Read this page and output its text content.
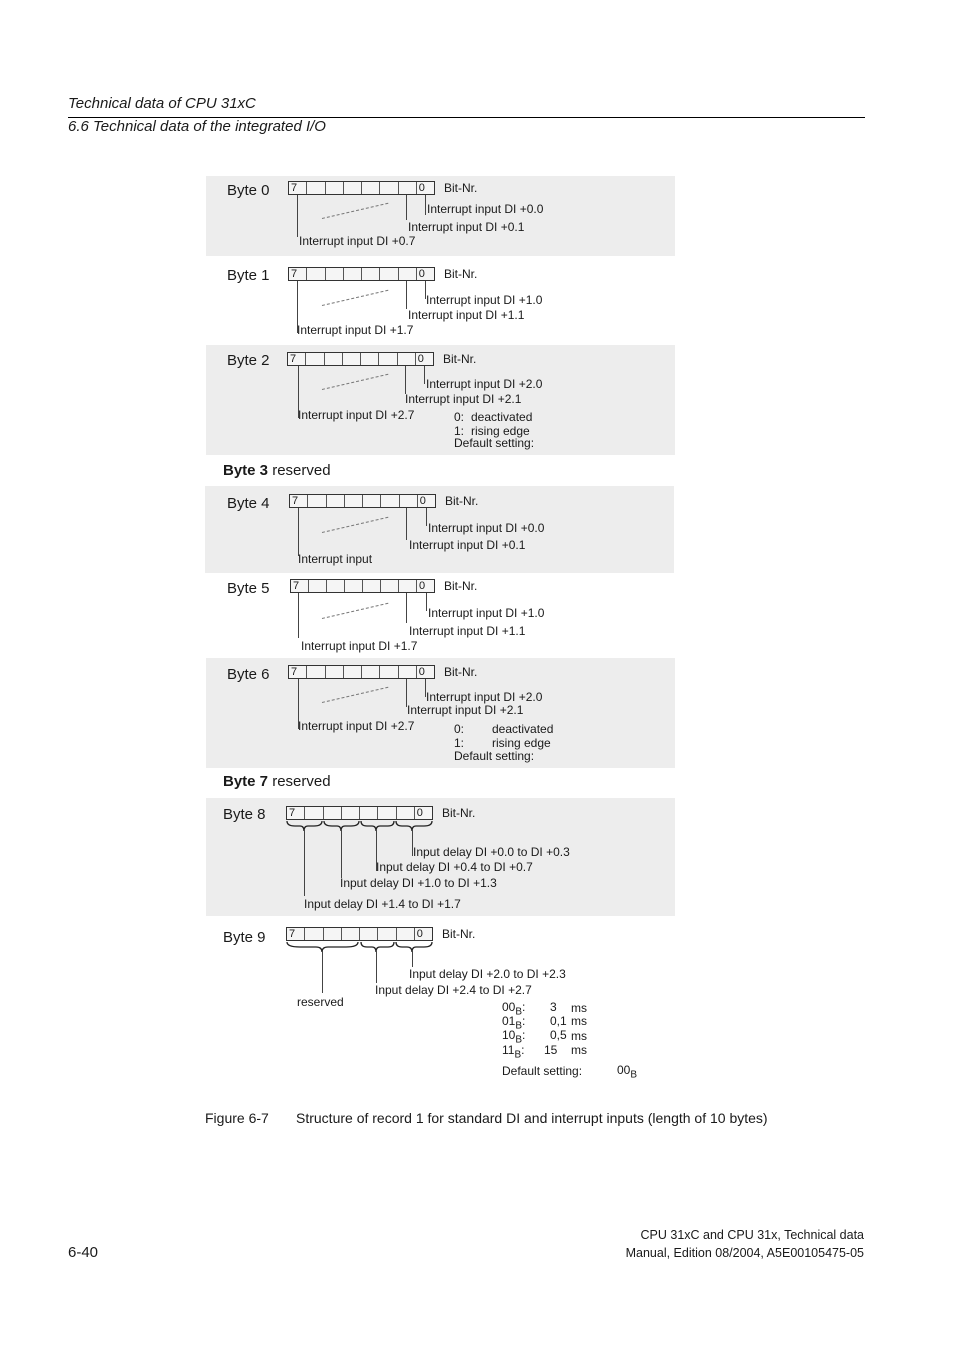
Technical data of CPU 31xC
6.6 Technical data of the integrated I/O
Byte 0 7	0	Bit-Nr.
Interrupt input DI +0.0
Interrupt input DI +0.1
Interrupt input DI +0.7
Byte 1 7	0	Bit-Nr.
Interrupt input DI +1.0
Interrupt input DI +1.1
Interrupt input DI +1.7
Byte 2 7	0	Bit-Nr.
Interrupt input DI +2.0
Interrupt input DI +2.1
Interrupt input DI +2.7	0: deactivated
1: rising edge
Default setting:
Byte 3 reserved
Byte 4 7	0	Bit-Nr.
Interrupt input DI +0.0
Interrupt input DI +0.1
Interrupt input
Byte 5 7	0	Bit-Nr.
Interrupt input DI +1.0
Interrupt input DI +1.1
Interrupt input DI +1.7
Byte 6 7	0	Bit-Nr.
Interrupt input DI +2.0
Interrupt input DI +2.1
Interrupt input DI +2.7	0: deactivated
1: rising edge
Default setting:
Byte 7 reserved
Byte 8 7	0	Bit-Nr.
Input delay DI +0.0 to DI +0.3
Input delay DI +0.4 to DI +0.7
Input delay DI +1.0 to DI +1.3
Input delay DI +1.4 to DI +1.7
Byte 9 7	0	Bit-Nr.
Input delay DI +2.0 to DI +2.3
Input delay DI +2.4 to DI +2.7
reserved	$00_B$: 3 ms
$01_B$: 0,1 ms
$10_B$: 0,5 ms
$11_B$: 15 ms
Default setting:	$00_B$
Figure 6-7 Structure of record 1 for standard DI and interrupt inputs (length of 10 bytes)
6-40
CPU 31xC and CPU 31x, Technical data
Manual, Edition 08/2004, A5E00105475-05
